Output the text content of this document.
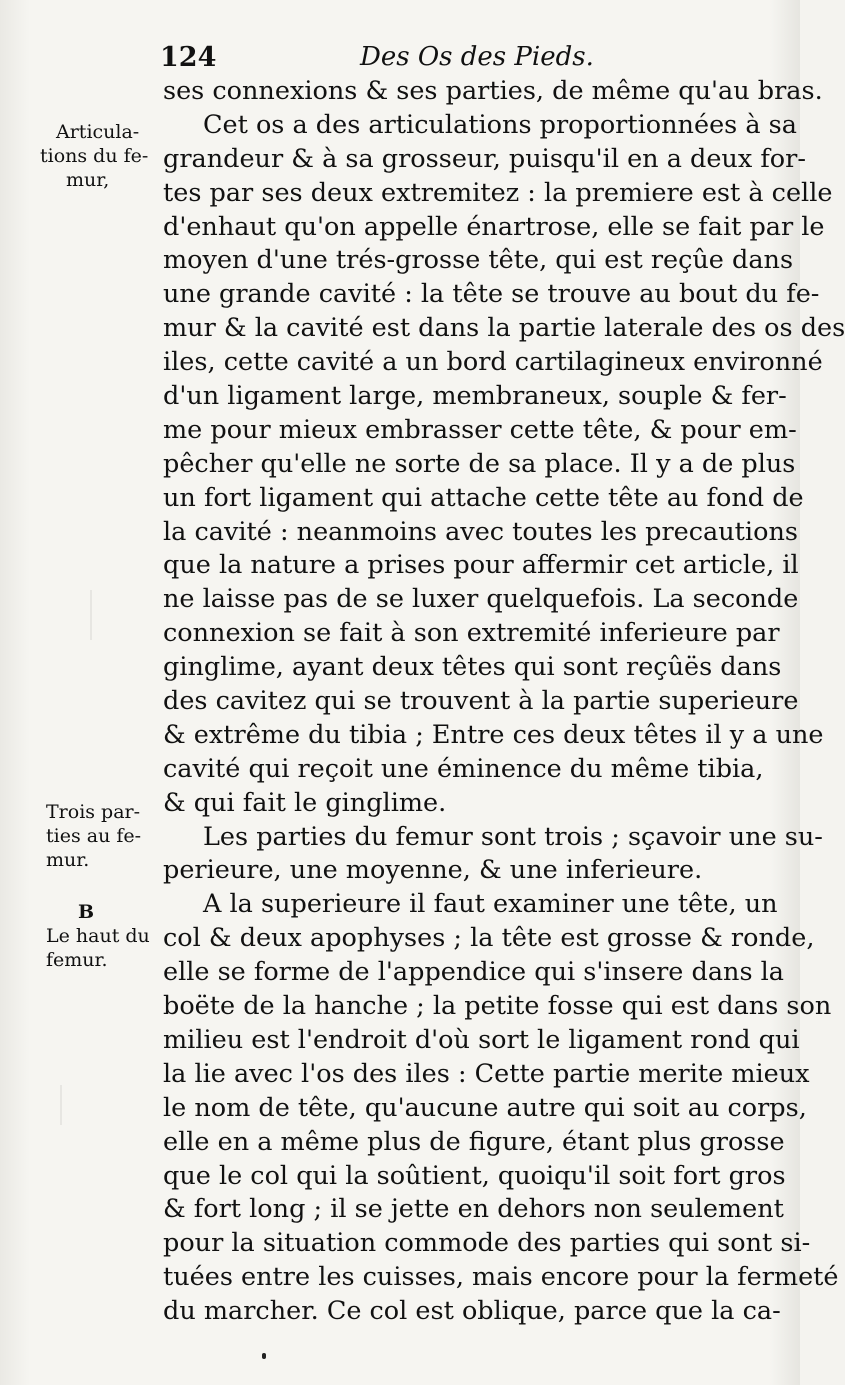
124	Des Os des Pieds.
Articula-
tions du fe-
mur,
Trois par-
ties au fe-
mur.
B
Le haut du
femur.
ses connexions & ses parties, de même qu'au bras.
Cet os a des articulations proportionnées à sa
grandeur & à sa grosseur, puisqu'il en a deux for-
tes par ses deux extremitez : la premiere est à celle
d'enhaut qu'on appelle énartrose, elle se fait par le
moyen d'une trés-grosse tête, qui est reçûe dans
une grande cavité : la tête se trouve au bout du fe-
mur & la cavité est dans la partie laterale des os des
iles, cette cavité a un bord cartilagineux environné
d'un ligament large, membraneux, souple & fer-
me pour mieux embrasser cette tête, & pour em-
pêcher qu'elle ne sorte de sa place. Il y a de plus
un fort ligament qui attache cette tête au fond de
la cavité : neanmoins avec toutes les precautions
que la nature a prises pour affermir cet article, il
ne laisse pas de se luxer quelquefois. La seconde
connexion se fait à son extremité inferieure par
ginglime, ayant deux têtes qui sont reçûës dans
des cavitez qui se trouvent à la partie superieure
& extrême du tibia ; Entre ces deux têtes il y a une
cavité qui reçoit une éminence du même tibia,
& qui fait le ginglime.
Les parties du femur sont trois ; sçavoir une su-
perieure, une moyenne, & une inferieure.
A la superieure il faut examiner une tête, un
col & deux apophyses ; la tête est grosse & ronde,
elle se forme de l'appendice qui s'insere dans la
boëte de la hanche ; la petite fosse qui est dans son
milieu est l'endroit d'où sort le ligament rond qui
la lie avec l'os des iles : Cette partie merite mieux
le nom de tête, qu'aucune autre qui soit au corps,
elle en a même plus de figure, étant plus grosse
que le col qui la soûtient, quoiqu'il soit fort gros
& fort long ; il se jette en dehors non seulement
pour la situation commode des parties qui sont si-
tuées entre les cuisses, mais encore pour la fermeté
du marcher. Ce col est oblique, parce que la ca-
